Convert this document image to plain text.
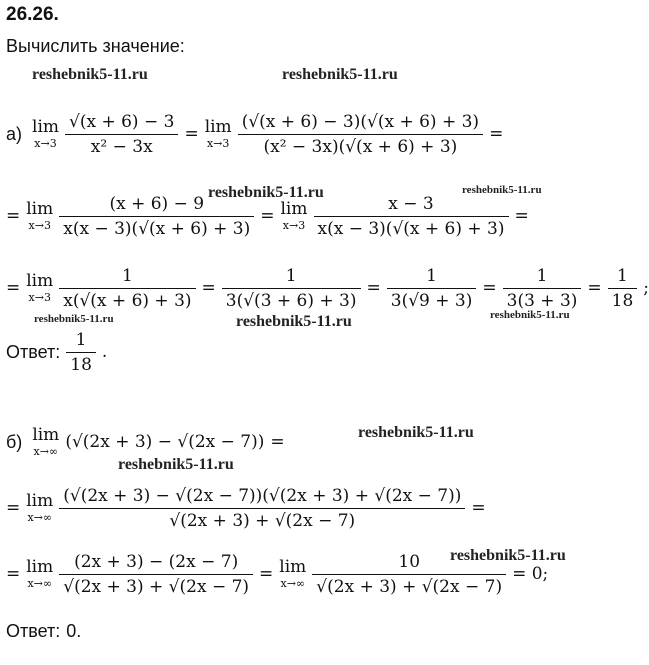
26.26.
Вычислить значение:
reshebnik5-11.ru	reshebnik5-11.ru
reshebnik5-11.ru	reshebnik5-11.ru
reshebnik5-11.ru	reshebnik5-11.ru	reshebnik5-11.ru
reshebnik5-11.ru
reshebnik5-11.ru
reshebnik5-11.ru
а) lim
$x\to 3 \frac{√(x + 6) - 3}{\text{x² − 3x}} = \lim$
$x\to 3 \frac{(√(x + 6) - 3)(√(x + 6) + 3)}{\text{(x² − 3x)(√(x + 6) + 3)}}$ =
= lim
$x\to 3 \frac{(x + 6) - 9}{x(x - 3)(√(x + 6) + 3)} = \lim$
$x\to 3 \frac{x - 3}{x(x - 3)(√(x + 6) + 3)}$ =
= lim
$x\to 3 \frac{1}{x(√(x + 6) + 3)} = \frac{1}{3(√(3 + 6) + 3)} = \frac{1}{3(√9 + 3)} = \frac{1}{3(3 + 3)} = \frac{1}{18}$ ;
Ответ: $\frac{1}{18}$ .
б) lim
x→∞ (√(2x + 3) − √(2x − 7)) =
= lim
$x\to\infty \frac{(√(2x + 3) - √(2x - 7))(√(2x + 3) + √(2x - 7))}{√(2x + 3) + √(2x - 7)}$ =
= lim
$x\to\infty \frac{(2x + 3) - (2x - 7)}{√(2x + 3) + √(2x - 7)} = \lim$
$x\to\infty \frac{10}{√(2x + 3) + √(2x - 7)} = 0$;
Ответ: 0.
